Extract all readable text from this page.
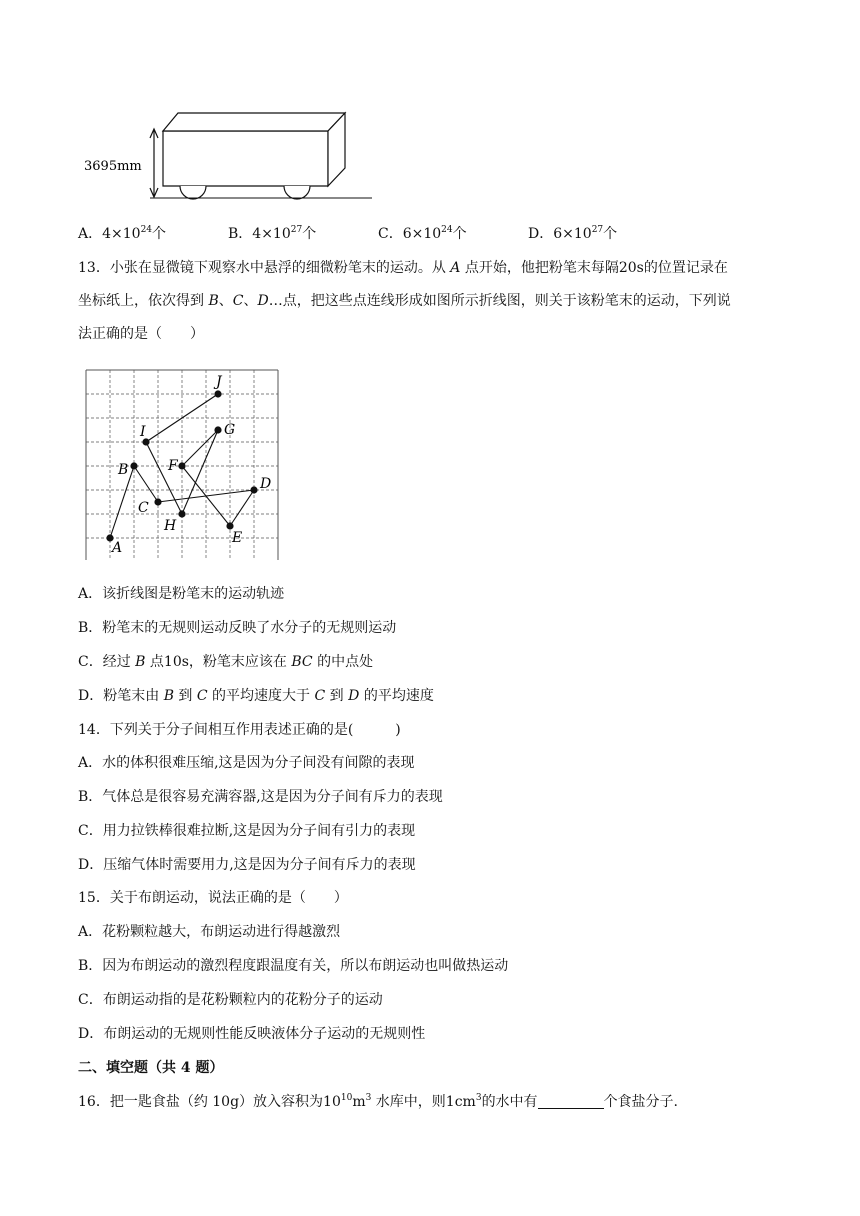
3695mm
A．$4\times 10^{24}$个	B．$4\times 10^{27}$个	C．$6\times 10^{24}$个	D．$6\times 10^{27}$个
13．小张在显微镜下观察水中悬浮的细微粉笔末的运动。从 A 点开始，他把粉笔末每隔20s的位置记录在
坐标纸上，依次得到 B、C、D…点，把这些点连线形成如图所示折线图，则关于该粉笔末的运动，下列说
法正确的是（　　）
A
B
C
D
E
F
G
H
I
J
A．该折线图是粉笔末的运动轨迹
B．粉笔末的无规则运动反映了水分子的无规则运动
C．经过 B 点10s，粉笔末应该在 BC 的中点处
D．粉笔末由 B 到 C 的平均速度大于 C 到 D 的平均速度
14．下列关于分子间相互作用表述正确的是(　　　)
A．水的体积很难压缩,这是因为分子间没有间隙的表现
B．气体总是很容易充满容器,这是因为分子间有斥力的表现
C．用力拉铁棒很难拉断,这是因为分子间有引力的表现
D．压缩气体时需要用力,这是因为分子间有斥力的表现
15．关于布朗运动，说法正确的是（　　）
A．花粉颗粒越大，布朗运动进行得越激烈
B．因为布朗运动的激烈程度跟温度有关，所以布朗运动也叫做热运动
C．布朗运动指的是花粉颗粒内的花粉分子的运动
D．布朗运动的无规则性能反映液体分子运动的无规则性
二、填空题（共 4 题）
16．把一匙食盐（约 10g）放入容积为$10^{10}m^3$ 水库中，则$1cm^3$的水中有	个食盐分子.
